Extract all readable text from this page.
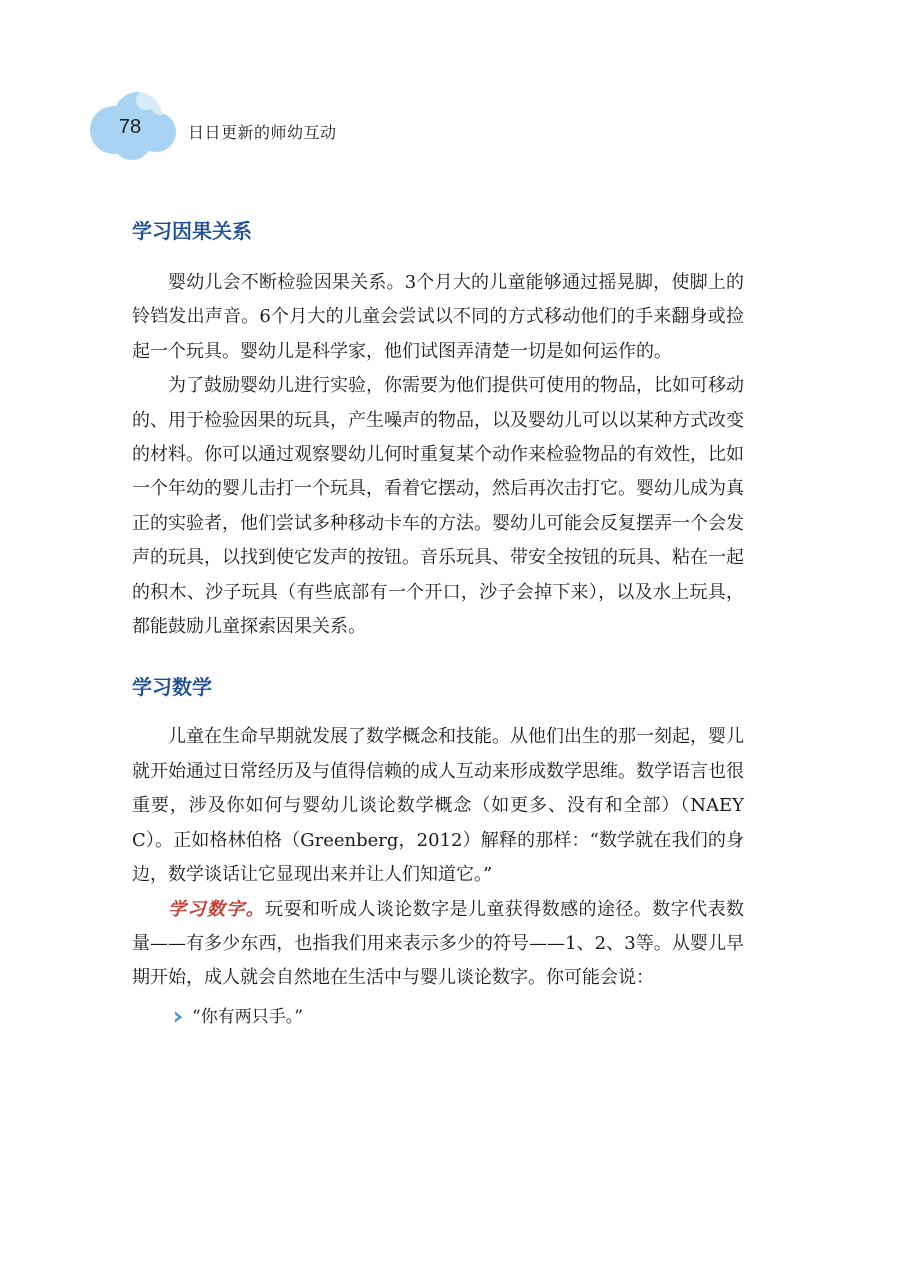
78	日日更新的师幼互动
学习因果关系

婴幼儿会不断检验因果关系。3个月大的儿童能够通过摇晃脚，使脚上的铃铛发出声音。6个月大的儿童会尝试以不同的方式移动他们的手来翻身或捡起一个玩具。婴幼儿是科学家，他们试图弄清楚一切是如何运作的。

为了鼓励婴幼儿进行实验，你需要为他们提供可使用的物品，比如可移动的、用于检验因果的玩具，产生噪声的物品，以及婴幼儿可以以某种方式改变的材料。你可以通过观察婴幼儿何时重复某个动作来检验物品的有效性，比如一个年幼的婴儿击打一个玩具，看着它摆动，然后再次击打它。婴幼儿成为真正的实验者，他们尝试多种移动卡车的方法。婴幼儿可能会反复摆弄一个会发声的玩具，以找到使它发声的按钮。音乐玩具、带安全按钮的玩具、粘在一起的积木、沙子玩具（有些底部有一个开口，沙子会掉下来），以及水上玩具，都能鼓励儿童探索因果关系。

学习数学

儿童在生命早期就发展了数学概念和技能。从他们出生的那一刻起，婴儿就开始通过日常经历及与值得信赖的成人互动来形成数学思维。数学语言也很重要，涉及你如何与婴幼儿谈论数学概念（如更多、没有和全部）（NAEYC）。正如格林伯格（Greenberg，2012）解释的那样：“数学就在我们的身边，数学谈话让它显现出来并让人们知道它。”

学习数字。玩耍和听成人谈论数字是儿童获得数感的途径。数字代表数量——有多少东西，也指我们用来表示多少的符号——1、2、3等。从婴儿早期开始，成人就会自然地在生活中与婴儿谈论数字。你可能会说：

“你有两只手。”
